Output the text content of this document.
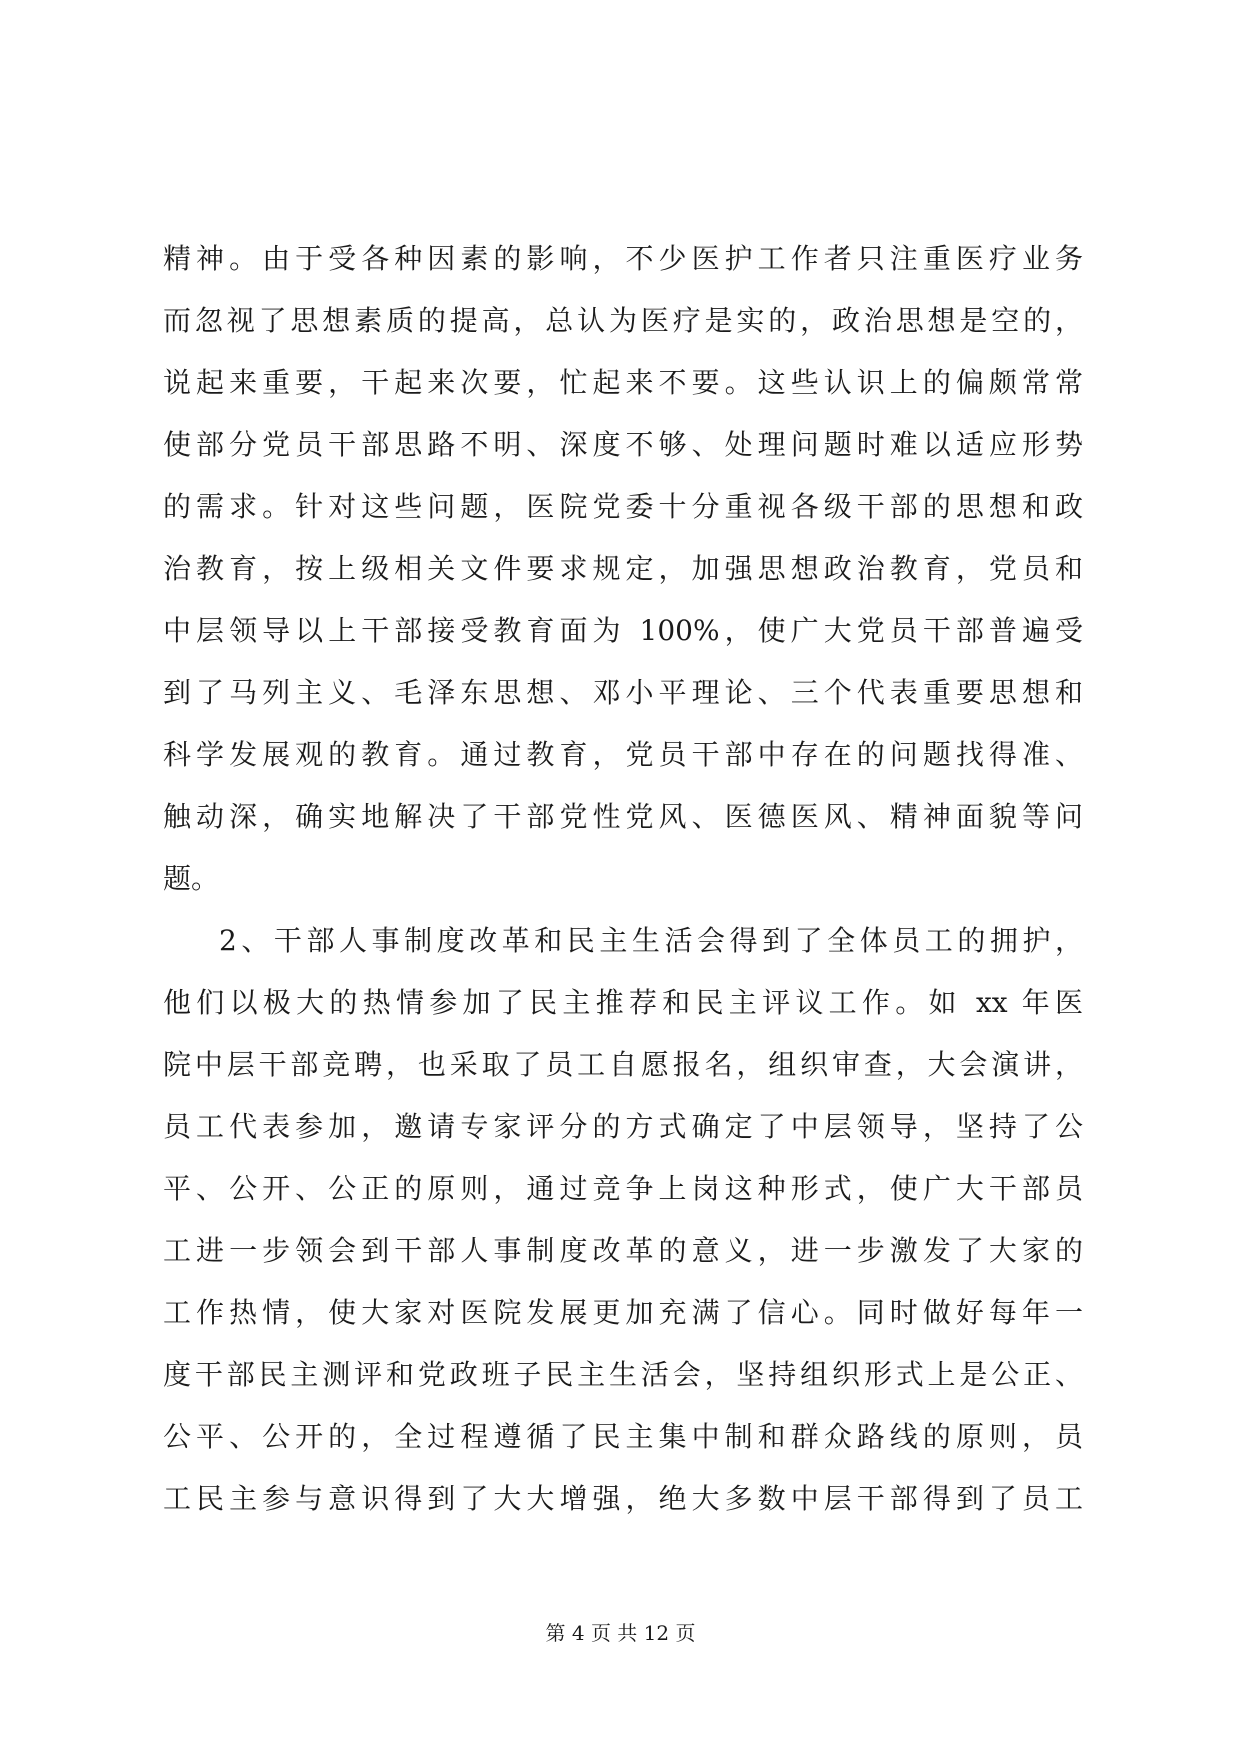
精神。由于受各种因素的影响，不少医护工作者只注重医疗业务
而忽视了思想素质的提高，总认为医疗是实的，政治思想是空的，
说起来重要，干起来次要，忙起来不要。这些认识上的偏颇常常
使部分党员干部思路不明、深度不够、处理问题时难以适应形势
的需求。针对这些问题，医院党委十分重视各级干部的思想和政
治教育，按上级相关文件要求规定，加强思想政治教育，党员和
中层领导以上干部接受教育面为 100%，使广大党员干部普遍受
到了马列主义、毛泽东思想、邓小平理论、三个代表重要思想和
科学发展观的教育。通过教育，党员干部中存在的问题找得准、
触动深，确实地解决了干部党性党风、医德医风、精神面貌等问
题。
2、干部人事制度改革和民主生活会得到了全体员工的拥护，
他们以极大的热情参加了民主推荐和民主评议工作。如 xx 年医
院中层干部竞聘，也采取了员工自愿报名，组织审查，大会演讲，
员工代表参加，邀请专家评分的方式确定了中层领导，坚持了公
平、公开、公正的原则，通过竞争上岗这种形式，使广大干部员
工进一步领会到干部人事制度改革的意义，进一步激发了大家的
工作热情，使大家对医院发展更加充满了信心。同时做好每年一
度干部民主测评和党政班子民主生活会，坚持组织形式上是公正、
公平、公开的，全过程遵循了民主集中制和群众路线的原则，员
工民主参与意识得到了大大增强，绝大多数中层干部得到了员工
第 4 页 共 12 页
